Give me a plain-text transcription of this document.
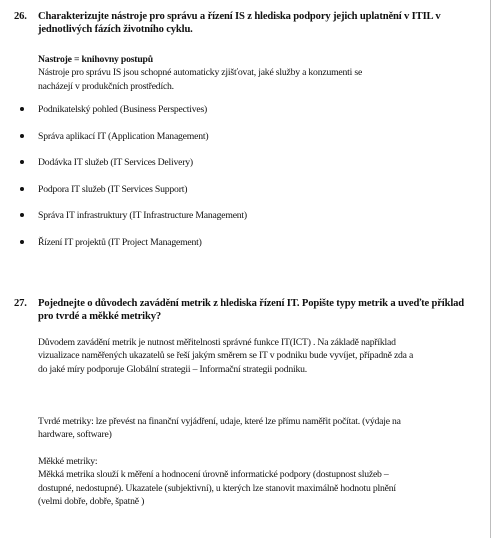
26. Charakterizujte nástroje pro správu a řízení IS z hlediska podpory jejich uplatnění v ITIL v
jednotlivých fázích životního cyklu.

Nastroje = knihovny postupů

Nástroje pro správu IS jsou schopné automaticky zjišťovat, jaké služby a konzumenti se

nacházejí v produkčních prostředích.

Podnikatelský pohled (Business Perspectives)
Správa aplikací IT (Application Management)
Dodávka IT služeb (IT Services Delivery)
Podpora IT služeb (IT Services Support)
Správa IT infrastruktury (IT Infrastructure Management)
Řízení IT projektů (IT Project Management)
27. Pojednejte o důvodech zavádění metrik z hlediska řízení IT. Popište typy metrik a uveďte příklad
pro tvrdé a měkké metriky?

Důvodem zavádění metrik je nutnost měřitelnosti správné funkce IT(ICT) . Na základě například

vizualizace naměřených ukazatelů se řeší jakým směrem se IT v podniku bude vyvíjet, případně zda a

do jaké míry podporuje Globální strategii – Informační strategii podniku.

Tvrdé metriky: lze převést na finanční vyjádření, udaje, které lze přímu naměřit počítat. (výdaje na

hardware, software)

Měkké metriky:

Měkká metrika slouží k měření a hodnocení úrovně informatické podpory (dostupnost služeb –

dostupné, nedostupné). Ukazatele (subjektivní), u kterých lze stanovit maximálně hodnotu plnění

(velmi dobře, dobře, špatně )
